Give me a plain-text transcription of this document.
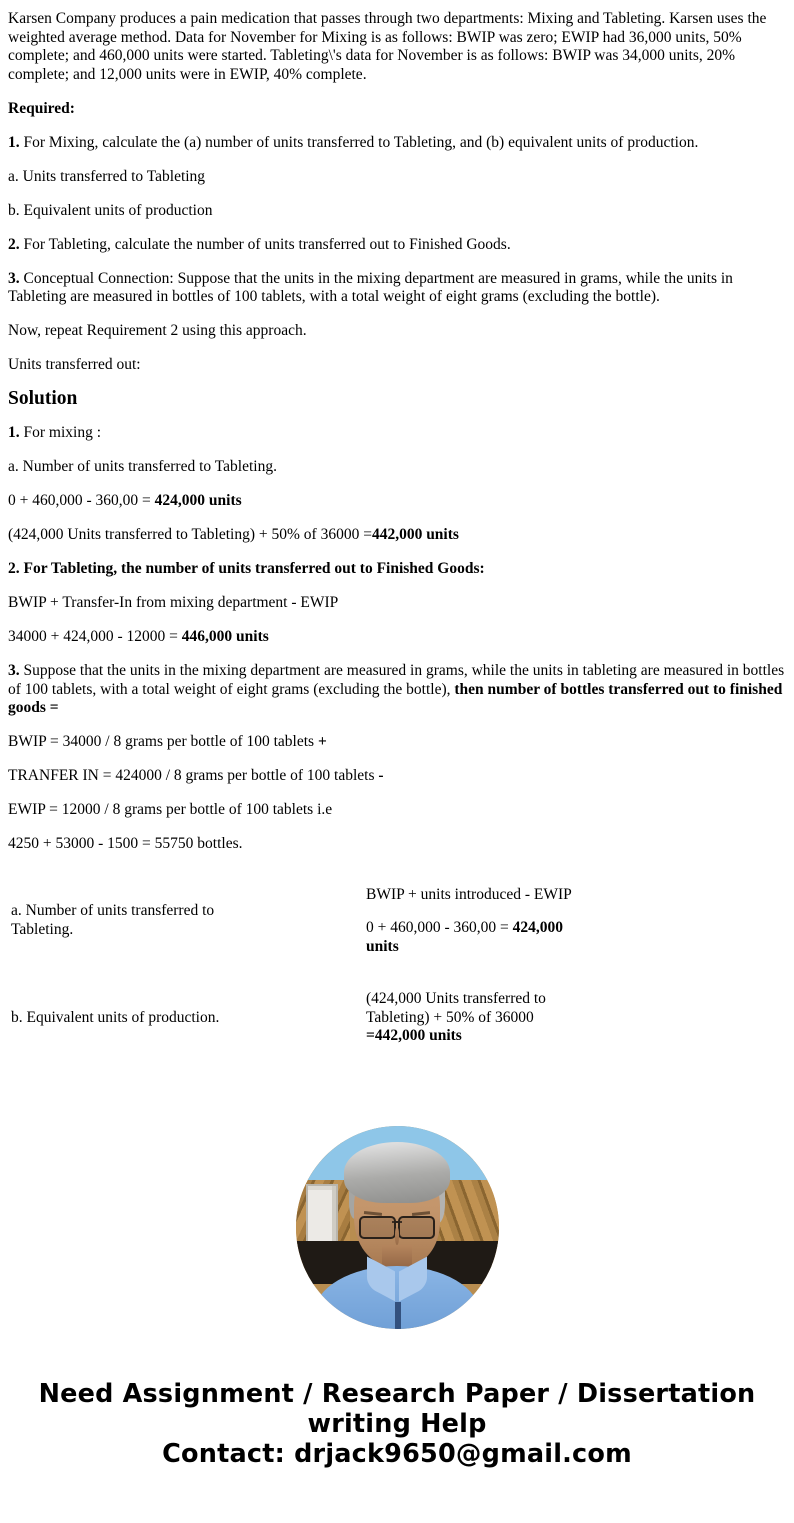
Karsen Company produces a pain medication that passes through two departments: Mixing and Tableting. Karsen uses the weighted average method. Data for November for Mixing is as follows: BWIP was zero; EWIP had 36,000 units, 50% complete; and 460,000 units were started. Tableting\'s data for November is as follows: BWIP was 34,000 units, 20% complete; and 12,000 units were in EWIP, 40% complete.

Required:

1. For Mixing, calculate the (a) number of units transferred to Tableting, and (b) equivalent units of production.

a. Units transferred to Tableting

b. Equivalent units of production

2. For Tableting, calculate the number of units transferred out to Finished Goods.

3. Conceptual Connection: Suppose that the units in the mixing department are measured in grams, while the units in Tableting are measured in bottles of 100 tablets, with a total weight of eight grams (excluding the bottle).

Now, repeat Requirement 2 using this approach.

Units transferred out:

Solution

1. For mixing :

a. Number of units transferred to Tableting.

0 + 460,000 - 360,00 = 424,000 units

(424,000 Units transferred to Tableting) + 50% of 36000 =442,000 units

2. For Tableting, the number of units transferred out to Finished Goods:

BWIP + Transfer-In from mixing department - EWIP

34000 + 424,000 - 12000 = 446,000 units

3. Suppose that the units in the mixing department are measured in grams, while the units in tableting are measured in bottles of 100 tablets, with a total weight of eight grams (excluding the bottle), then number of bottles transferred out to finished goods =

BWIP = 34000 / 8 grams per bottle of 100 tablets +

TRANFER IN = 424000 / 8 grams per bottle of 100 tablets -

EWIP = 12000 / 8 grams per bottle of 100 tablets i.e

4250 + 53000 - 1500 = 55750 bottles.

a. Number of units transferred to Tableting.

BWIP + units introduced - EWIP

0 + 460,000 - 360,00 = 424,000 units

b. Equivalent units of production.

(424,000 Units transferred to Tableting) + 50% of 36000 =442,000 units

Need Assignment / Research Paper / Dissertation
writing Help
Contact: drjack9650@gmail.com
